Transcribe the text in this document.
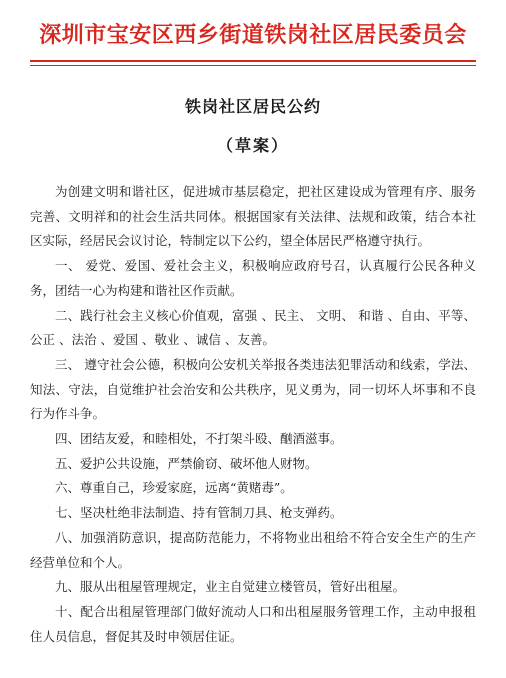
深圳市宝安区西乡街道铁岗社区居民委员会
铁岗社区居民公约
（草案）

为创建文明和谐社区，促进城市基层稳定，把社区建设成为管理有序、服务完善、文明祥和的社会生活共同体。根据国家有关法律、法规和政策，结合本社区实际，经居民会议讨论，特制定以下公约，望全体居民严格遵守执行。

一、 爱党、爱国、爱社会主义，积极响应政府号召，认真履行公民各种义务，团结一心为构建和谐社区作贡献。

二、践行社会主义核心价值观，富强 、民主、 文明、 和谐 、自由、平等、公正 、法治 、爱国 、敬业 、诚信 、友善。

三、 遵守社会公德，积极向公安机关举报各类违法犯罪活动和线索，学法、知法、守法，自觉维护社会治安和公共秩序，见义勇为，同一切坏人坏事和不良行为作斗争。

四、团结友爱，和睦相处，不打架斗殴、酗酒滋事。

五、爱护公共设施，严禁偷窃、破坏他人财物。

六、尊重自己，珍爱家庭，远离“黄赌毒”。

七、坚决杜绝非法制造、持有管制刀具、枪支弹药。

八、加强消防意识，提高防范能力，不将物业出租给不符合安全生产的生产经营单位和个人。

九、服从出租屋管理规定，业主自觉建立楼管员，管好出租屋。

十、配合出租屋管理部门做好流动人口和出租屋服务管理工作，主动申报租住人员信息，督促其及时申领居住证。
